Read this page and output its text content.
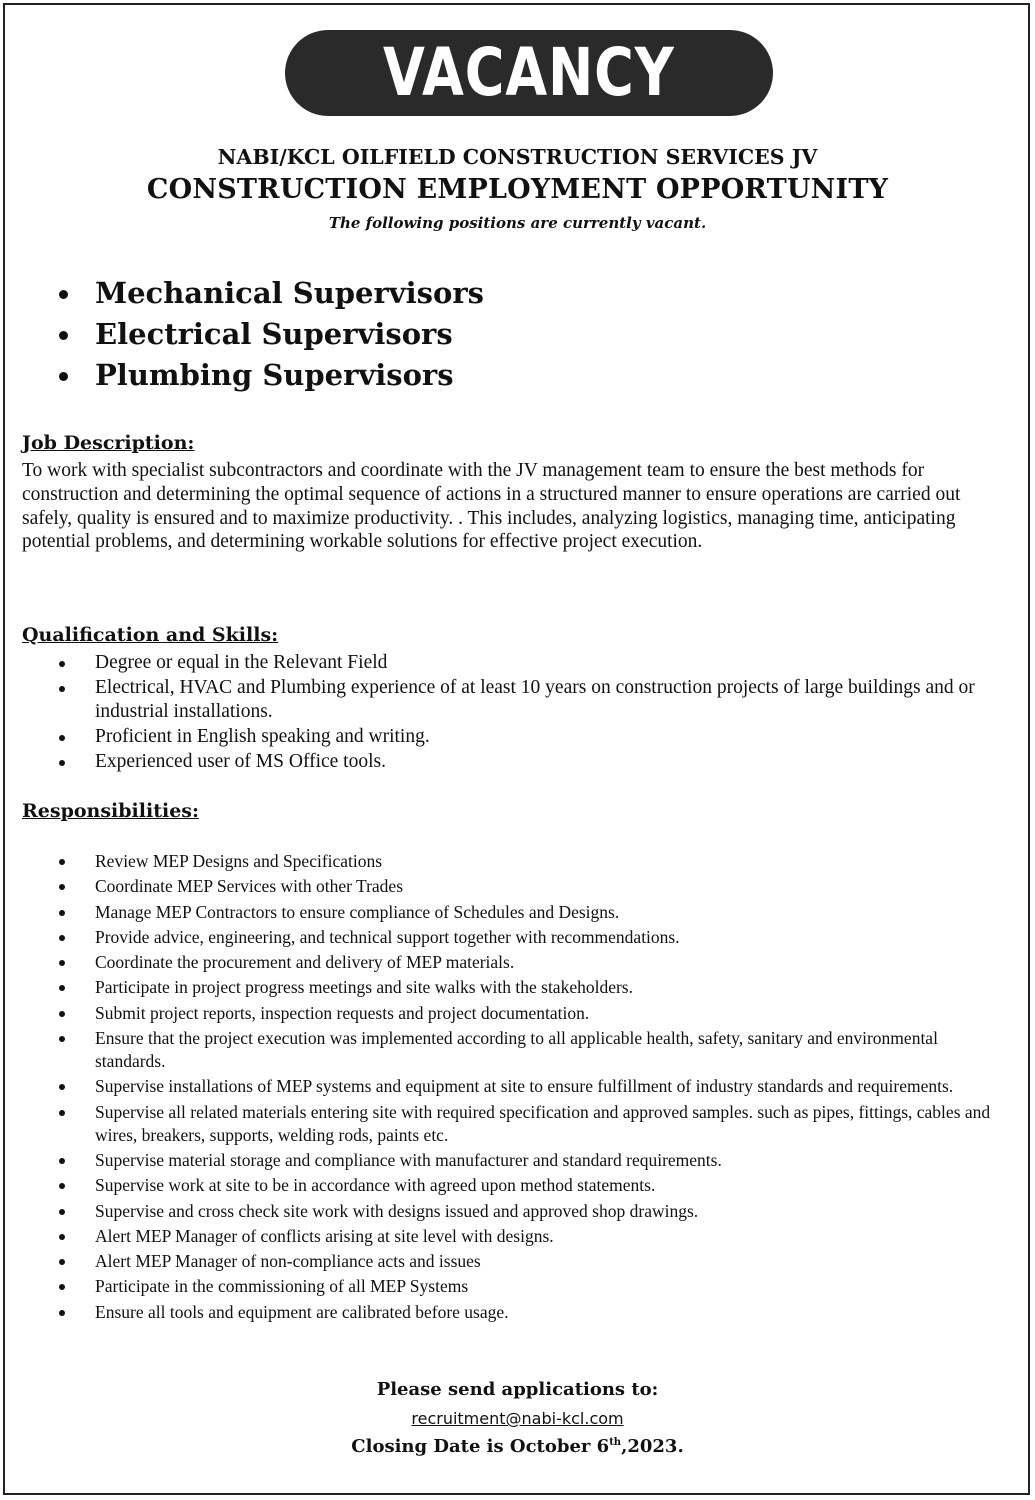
VACANCY
NABI/KCL OILFIELD CONSTRUCTION SERVICES JV
CONSTRUCTION EMPLOYMENT OPPORTUNITY
The following positions are currently vacant.
Mechanical Supervisors
Electrical Supervisors
Plumbing Supervisors
Job Description:

To work with specialist subcontractors and coordinate with the JV management team to ensure the best methods for construction and determining the optimal sequence of actions in a structured manner to ensure operations are carried out safely, quality is ensured and to maximize productivity. . This includes, analyzing logistics, managing time, anticipating potential problems, and determining workable solutions for effective project execution.

Qualification and Skills:
Degree or equal in the Relevant Field
Electrical, HVAC and Plumbing experience of at least 10 years on construction projects of large buildings and or industrial installations.
Proficient in English speaking and writing.
Experienced user of MS Office tools.
Responsibilities:
Review MEP Designs and Specifications
Coordinate MEP Services with other Trades
Manage MEP Contractors to ensure compliance of Schedules and Designs.
Provide advice, engineering, and technical support together with recommendations.
Coordinate the procurement and delivery of MEP materials.
Participate in project progress meetings and site walks with the stakeholders.
Submit project reports, inspection requests and project documentation.
Ensure that the project execution was implemented according to all applicable health, safety, sanitary and environmental standards.
Supervise installations of MEP systems and equipment at site to ensure fulfillment of industry standards and requirements.
Supervise all related materials entering site with required specification and approved samples. such as pipes, fittings, cables and wires, breakers, supports, welding rods, paints etc.
Supervise material storage and compliance with manufacturer and standard requirements.
Supervise work at site to be in accordance with agreed upon method statements.
Supervise and cross check site work with designs issued and approved shop drawings.
Alert MEP Manager of conflicts arising at site level with designs.
Alert MEP Manager of non-compliance acts and issues
Participate in the commissioning of all MEP Systems
Ensure all tools and equipment are calibrated before usage.
Please send applications to:
recruitment@nabi-kcl.com
Closing Date is October 6th,2023.
